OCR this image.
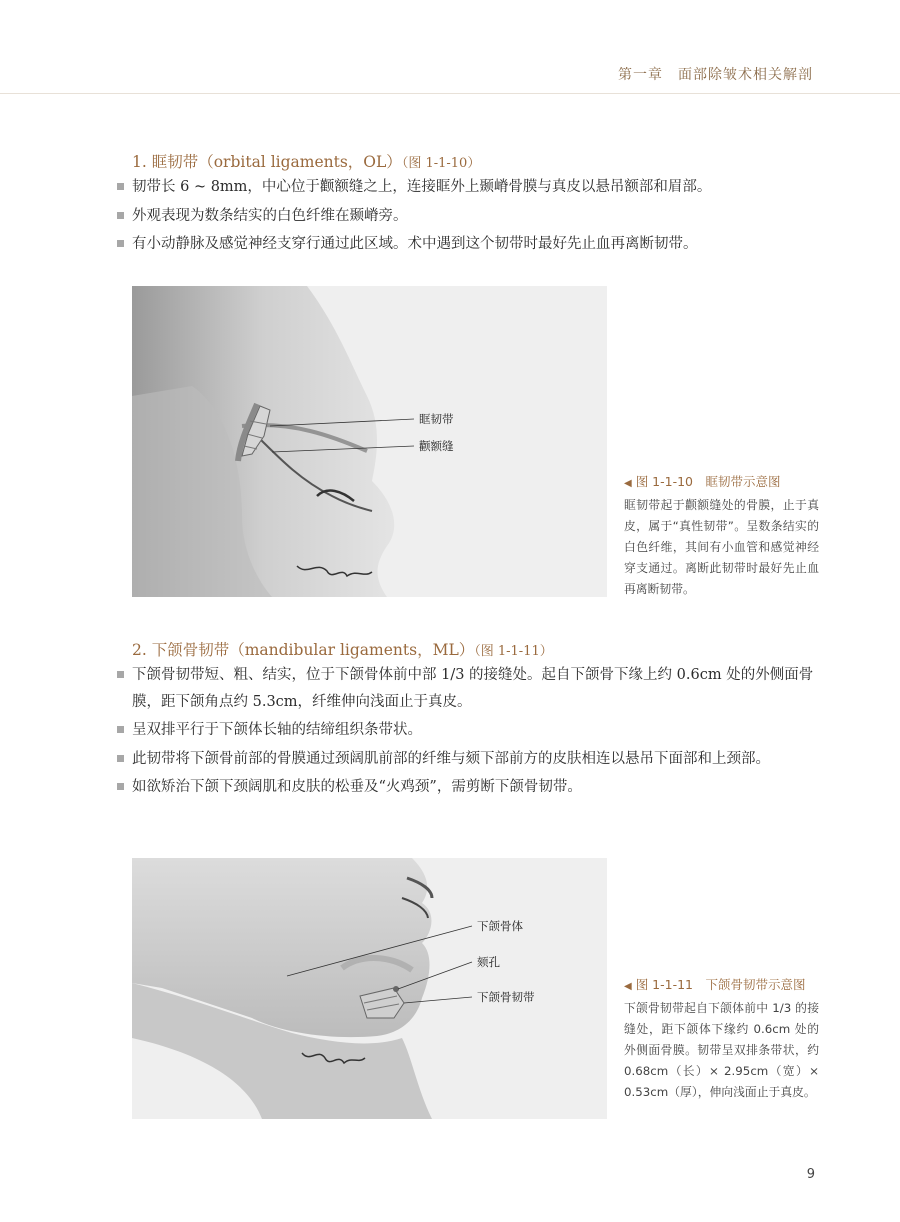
第一章　面部除皱术相关解剖
1. 眶韧带（orbital ligaments，OL）（图 1-1-10）
韧带长 6 ~ 8mm，中心位于颧额缝之上，连接眶外上颞嵴骨膜与真皮以悬吊额部和眉部。
外观表现为数条结实的白色纤维在颞嵴旁。
有小动静脉及感觉神经支穿行通过此区域。术中遇到这个韧带时最好先止血再离断韧带。
眶韧带
颧额缝
◀ 图 1-1-10　眶韧带示意图
眶韧带起于颧额缝处的骨膜，止于真皮，属于“真性韧带”。呈数条结实的白色纤维，其间有小血管和感觉神经穿支通过。离断此韧带时最好先止血再离断韧带。
2. 下颌骨韧带（mandibular ligaments，ML）（图 1-1-11）
下颌骨韧带短、粗、结实，位于下颌骨体前中部 1/3 的接缝处。起自下颌骨下缘上约 0.6cm 处的外侧面骨膜，距下颌角点约 5.3cm，纤维伸向浅面止于真皮。
呈双排平行于下颌体长轴的结缔组织条带状。
此韧带将下颌骨前部的骨膜通过颈阔肌前部的纤维与颏下部前方的皮肤相连以悬吊下面部和上颈部。
如欲矫治下颌下颈阔肌和皮肤的松垂及“火鸡颈”，需剪断下颌骨韧带。
下颌骨体
颏孔
下颌骨韧带
◀ 图 1-1-11　下颌骨韧带示意图
下颌骨韧带起自下颌体前中 1/3 的接缝处，距下颌体下缘约 0.6cm 处的外侧面骨膜。韧带呈双排条带状，约 0.68cm（长）× 2.95cm（宽）× 0.53cm（厚），伸向浅面止于真皮。
9
